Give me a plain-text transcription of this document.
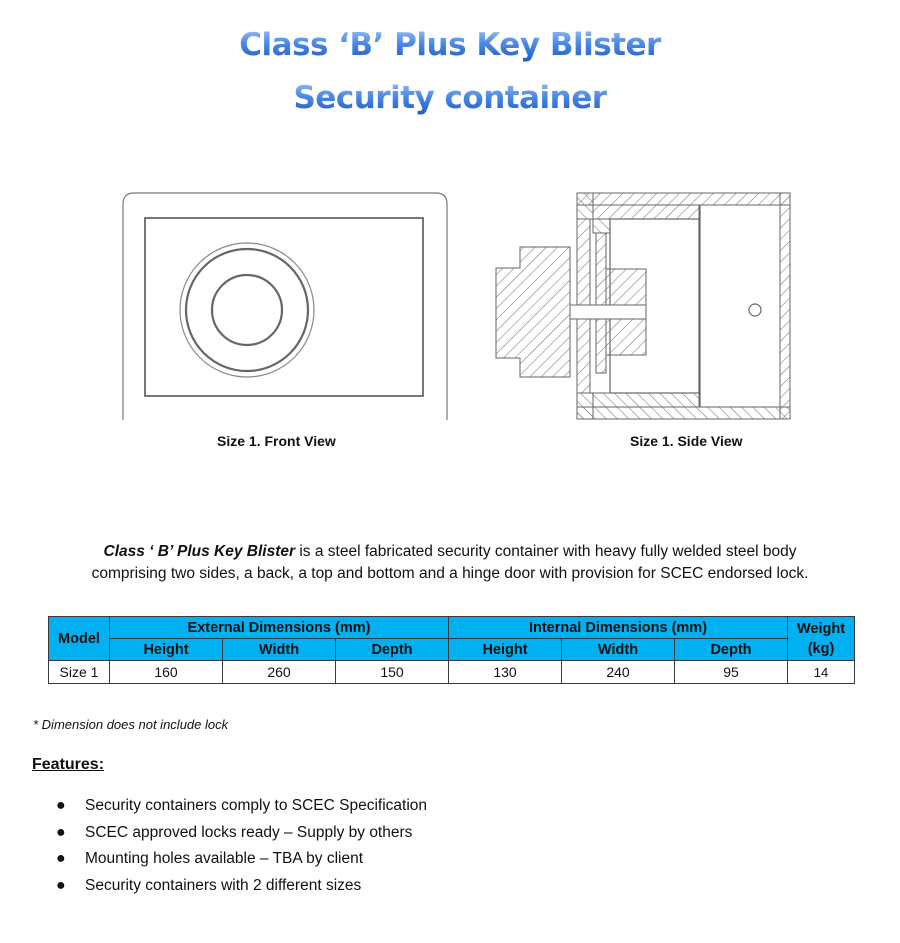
Class ‘B’ Plus Key Blister
Security container
Size 1. Front View	Size 1. Side View
Class ‘ B’ Plus Key Blister is a steel fabricated security container with heavy fully welded steel body
comprising two sides, a back, a top and bottom and a hinge door with provision for SCEC endorsed lock.
Model	External Dimensions (mm)			Internal Dimensions (mm)			Weight
(kg)
	Height	Width	Depth	Height	Width	Depth	
Size 1	160	260	150	130	240	95	14
* Dimension does not include lock
Features:
● Security containers comply to SCEC Specification
● SCEC approved locks ready – Supply by others
● Mounting holes available – TBA by client
● Security containers with 2 different sizes
